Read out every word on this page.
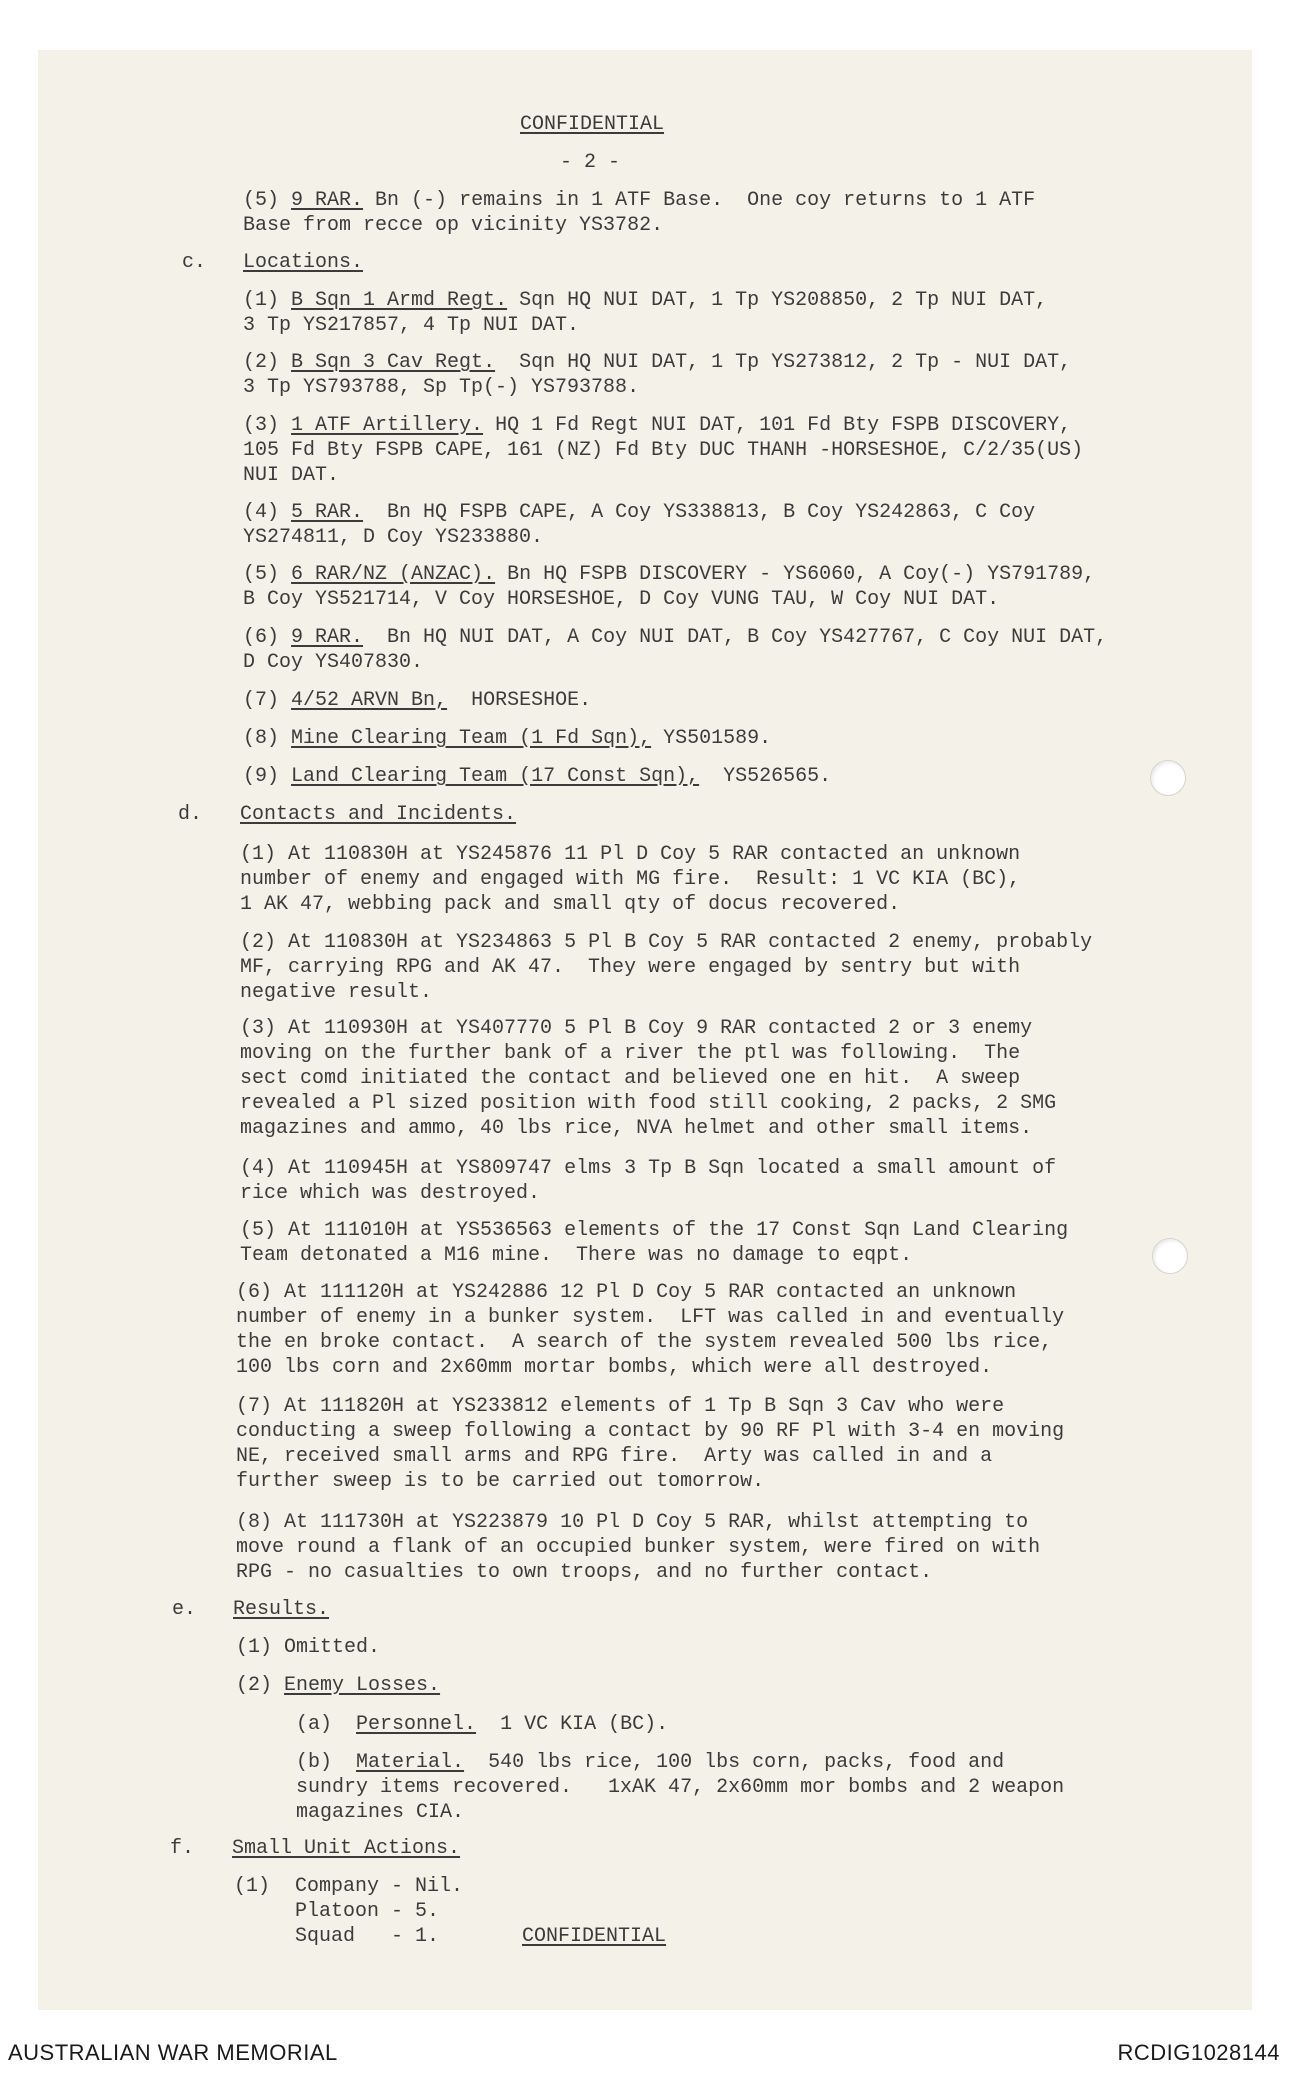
CONFIDENTIAL
- 2 -
(5) 9 RAR. Bn (-) remains in 1 ATF Base.  One coy returns to 1 ATF
Base from recce op vicinity YS3782.
c. Locations.
(1) B Sqn 1 Armd Regt. Sqn HQ NUI DAT, 1 Tp YS208850, 2 Tp NUI DAT,
3 Tp YS217857, 4 Tp NUI DAT.
(2) B Sqn 3 Cav Regt.  Sqn HQ NUI DAT, 1 Tp YS273812, 2 Tp - NUI DAT,
3 Tp YS793788, Sp Tp(-) YS793788.
(3) 1 ATF Artillery. HQ 1 Fd Regt NUI DAT, 101 Fd Bty FSPB DISCOVERY,
105 Fd Bty FSPB CAPE, 161 (NZ) Fd Bty DUC THANH -HORSESHOE, C/2/35(US)
NUI DAT.
(4) 5 RAR.  Bn HQ FSPB CAPE, A Coy YS338813, B Coy YS242863, C Coy
YS274811, D Coy YS233880.
(5) 6 RAR/NZ (ANZAC). Bn HQ FSPB DISCOVERY - YS6060, A Coy(-) YS791789,
B Coy YS521714, V Coy HORSESHOE, D Coy VUNG TAU, W Coy NUI DAT.
(6) 9 RAR.  Bn HQ NUI DAT, A Coy NUI DAT, B Coy YS427767, C Coy NUI DAT,
D Coy YS407830.
(7) 4/52 ARVN Bn,  HORSESHOE.
(8) Mine Clearing Team (1 Fd Sqn), YS501589.
(9) Land Clearing Team (17 Const Sqn),  YS526565.
d. Contacts and Incidents.
(1) At 110830H at YS245876 11 Pl D Coy 5 RAR contacted an unknown
number of enemy and engaged with MG fire.  Result: 1 VC KIA (BC),
1 AK 47, webbing pack and small qty of docus recovered.
(2) At 110830H at YS234863 5 Pl B Coy 5 RAR contacted 2 enemy, probably
MF, carrying RPG and AK 47.  They were engaged by sentry but with
negative result.
(3) At 110930H at YS407770 5 Pl B Coy 9 RAR contacted 2 or 3 enemy
moving on the further bank of a river the ptl was following.  The
sect comd initiated the contact and believed one en hit.  A sweep
revealed a Pl sized position with food still cooking, 2 packs, 2 SMG
magazines and ammo, 40 lbs rice, NVA helmet and other small items.
(4) At 110945H at YS809747 elms 3 Tp B Sqn located a small amount of
rice which was destroyed.
(5) At 111010H at YS536563 elements of the 17 Const Sqn Land Clearing
Team detonated a M16 mine.  There was no damage to eqpt.
(6) At 111120H at YS242886 12 Pl D Coy 5 RAR contacted an unknown
number of enemy in a bunker system.  LFT was called in and eventually
the en broke contact.  A search of the system revealed 500 lbs rice,
100 lbs corn and 2x60mm mortar bombs, which were all destroyed.
(7) At 111820H at YS233812 elements of 1 Tp B Sqn 3 Cav who were
conducting a sweep following a contact by 90 RF Pl with 3-4 en moving
NE, received small arms and RPG fire.  Arty was called in and a
further sweep is to be carried out tomorrow.
(8) At 111730H at YS223879 10 Pl D Coy 5 RAR, whilst attempting to
move round a flank of an occupied bunker system, were fired on with
RPG - no casualties to own troops, and no further contact.
e. Results.
(1) Omitted.
(2) Enemy Losses.
(a) Personnel.  1 VC KIA (BC).
(b) Material.  540 lbs rice, 100 lbs corn, packs, food and
sundry items recovered.   1xAK 47, 2x60mm mor bombs and 2 weapon
magazines CIA.
f. Small Unit Actions.
(1) Company - Nil.
Platoon - 5.
Squad   - 1.	CONFIDENTIAL
AUSTRALIAN WAR MEMORIAL	RCDIG1028144
